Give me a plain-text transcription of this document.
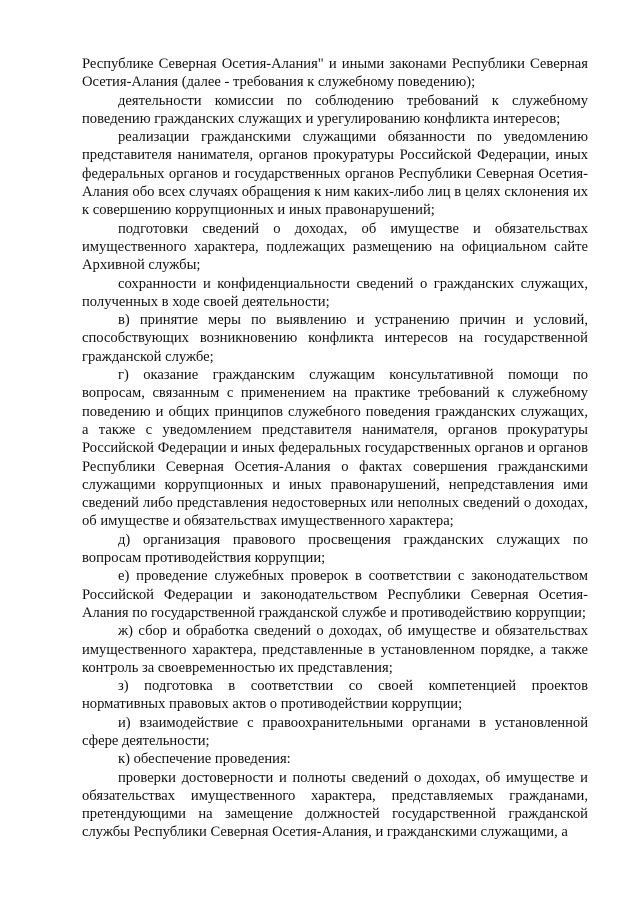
Республике Северная Осетия-Алания" и иными законами Республики Северная Осетия-Алания (далее - требования к служебному поведению);

деятельности комиссии по соблюдению требований к служебному поведению гражданских служащих и урегулированию конфликта интересов;

реализации гражданскими служащими обязанности по уведомлению представителя нанимателя, органов прокуратуры Российской Федерации, иных федеральных органов и государственных органов Республики Северная Осетия-Алания обо всех случаях обращения к ним каких-либо лиц в целях склонения их к совершению коррупционных и иных правонарушений;

подготовки сведений о доходах, об имуществе и обязательствах имущественного характера, подлежащих размещению на официальном сайте Архивной службы;

сохранности и конфиденциальности сведений о гражданских служащих, полученных в ходе своей деятельности;

в) принятие меры по выявлению и устранению причин и условий, способствующих возникновению конфликта интересов на государственной гражданской службе;

г) оказание гражданским служащим консультативной помощи по вопросам, связанным с применением на практике требований к служебному поведению и общих принципов служебного поведения гражданских служащих, а также с уведомлением представителя нанимателя, органов прокуратуры Российской Федерации и иных федеральных государственных органов и органов Республики Северная Осетия-Алания о фактах совершения гражданскими служащими коррупционных и иных правонарушений, непредставления ими сведений либо представления недостоверных или неполных сведений о доходах, об имуществе и обязательствах имущественного характера;

д) организация правового просвещения гражданских служащих по вопросам противодействия коррупции;

е) проведение служебных проверок в соответствии с законодательством Российской Федерации и законодательством Республики Северная Осетия-Алания по государственной гражданской службе и противодействию коррупции;

ж) сбор и обработка сведений о доходах, об имуществе и обязательствах имущественного характера, представленные в установленном порядке, а также контроль за своевременностью их представления;

з) подготовка в соответствии со своей компетенцией проектов нормативных правовых актов о противодействии коррупции;

и) взаимодействие с правоохранительными органами в установленной сфере деятельности;

к) обеспечение проведения:

проверки достоверности и полноты сведений о доходах, об имуществе и обязательствах имущественного характера, представляемых гражданами, претендующими на замещение должностей государственной гражданской службы Республики Северная Осетия-Алания, и гражданскими служащими, а
